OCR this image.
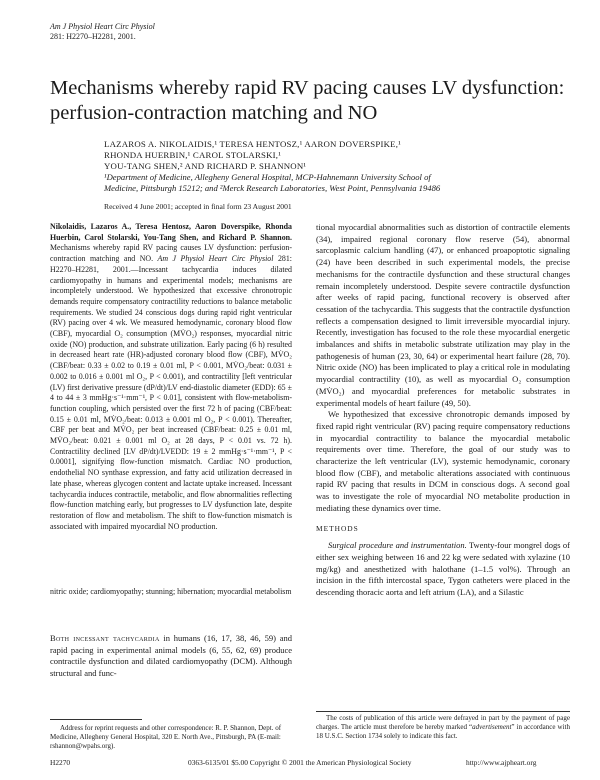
Am J Physiol Heart Circ Physiol
281: H2270–H2281, 2001.
Mechanisms whereby rapid RV pacing causes LV dysfunction: perfusion-contraction matching and NO
LAZAROS A. NIKOLAIDIS,¹ TERESA HENTOSZ,¹ AARON DOVERSPIKE,¹
RHONDA HUERBIN,¹ CAROL STOLARSKI,¹
YOU-TANG SHEN,² AND RICHARD P. SHANNON¹
¹Department of Medicine, Allegheny General Hospital, MCP-Hahnemann University School of
Medicine, Pittsburgh 15212; and ²Merck Research Laboratories, West Point, Pennsylvania 19486
Received 4 June 2001; accepted in final form 23 August 2001
Nikolaidis, Lazaros A., Teresa Hentosz, Aaron Doverspike, Rhonda Huerbin, Carol Stolarski, You-Tang Shen, and Richard P. Shannon. Mechanisms whereby rapid RV pacing causes LV dysfunction: perfusion-contraction matching and NO. Am J Physiol Heart Circ Physiol 281: H2270–H2281, 2001.—Incessant tachycardia induces dilated cardiomyopathy in humans and experimental models; mechanisms are incompletely understood. We hypothesized that excessive chronotropic demands require compensatory contractility reductions to balance metabolic requirements. We studied 24 conscious dogs during rapid right ventricular (RV) pacing over 4 wk. We measured hemodynamic, coronary blood flow (CBF), myocardial O₂ consumption (MV̇O₂) responses, myocardial nitric oxide (NO) production, and substrate utilization. Early pacing (6 h) resulted in decreased heart rate (HR)-adjusted coronary blood flow (CBF), MV̇O₂ (CBF/beat: 0.33 ± 0.02 to 0.19 ± 0.01 ml, P < 0.001, MV̇O₂/beat: 0.031 ± 0.002 to 0.016 ± 0.001 ml O₂, P < 0.001), and contractility [left ventricular (LV) first derivative pressure (dP/dt)/LV end-diastolic diameter (EDD): 65 ± 4 to 44 ± 3 mmHg·s⁻¹·mm⁻¹, P < 0.01], consistent with flow-metabolism-function coupling, which persisted over the first 72 h of pacing (CBF/beat: 0.15 ± 0.01 ml, MV̇O₂/beat: 0.013 ± 0.001 ml O₂, P < 0.001). Thereafter, CBF per beat and MV̇O₂ per beat increased (CBF/beat: 0.25 ± 0.01 ml, MV̇O₂/beat: 0.021 ± 0.001 ml O₂ at 28 days, P < 0.01 vs. 72 h). Contractility declined [LV dP/dt)/LVEDD: 19 ± 2 mmHg·s⁻¹·mm⁻¹, P < 0.0001], signifying flow-function mismatch. Cardiac NO production, endothelial NO synthase expression, and fatty acid utilization decreased in late phase, whereas glycogen content and lactate uptake increased. Incessant tachycardia induces contractile, metabolic, and flow abnormalities reflecting flow-function matching early, but progresses to LV dysfunction late, despite restoration of flow and metabolism. The shift to flow-function mismatch is associated with impaired myocardial NO production.
nitric oxide; cardiomyopathy; stunning; hibernation; myocardial metabolism
Both incessant tachycardia in humans (16, 17, 38, 46, 59) and rapid pacing in experimental animal models (6, 55, 62, 69) produce contractile dysfunction and dilated cardiomyopathy (DCM). Although structural and func-

tional myocardial abnormalities such as distortion of contractile elements (34), impaired regional coronary flow reserve (54), abnormal sarcoplasmic calcium handling (47), or enhanced proapoptotic signaling (24) have been described in such experimental models, the precise mechanisms for the contractile dysfunction and these structural changes remain incompletely understood. Despite severe contractile dysfunction after weeks of rapid pacing, functional recovery is observed after cessation of the tachycardia. This suggests that the contractile dysfunction reflects a compensation designed to limit irreversible myocardial injury. Recently, investigation has focused to the role these myocardial energetic imbalances and shifts in metabolic substrate utilization may play in the pathogenesis of human (23, 30, 64) or experimental heart failure (28, 70). Nitric oxide (NO) has been implicated to play a critical role in modulating myocardial contractility (10), as well as myocardial O₂ consumption (MV̇O₂) and myocardial preferences for metabolic substrates in experimental models of heart failure (49, 50).

We hypothesized that excessive chronotropic demands imposed by fixed rapid right ventricular (RV) pacing require compensatory reductions in myocardial contractility to balance the myocardial metabolic requirements over time. Therefore, the goal of our study was to characterize the left ventricular (LV), systemic hemodynamic, coronary blood flow (CBF), and metabolic alterations associated with continuous rapid RV pacing that results in DCM in conscious dogs. A second goal was to investigate the role of myocardial NO metabolite production in mediating these dynamics over time.

METHODS

Surgical procedure and instrumentation. Twenty-four mongrel dogs of either sex weighing between 16 and 22 kg were sedated with xylazine (10 mg/kg) and anesthetized with halothane (1–1.5 vol%). Through an incision in the fifth intercostal space, Tygon catheters were placed in the descending thoracic aorta and left atrium (LA), and a Silastic

Address for reprint requests and other correspondence: R. P. Shannon, Dept. of Medicine, Allegheny General Hospital, 320 E. North Ave., Pittsburgh, PA (E-mail: rshannon@wpahs.org).
The costs of publication of this article were defrayed in part by the payment of page charges. The article must therefore be hereby marked “advertisement” in accordance with 18 U.S.C. Section 1734 solely to indicate this fact.
H2270	0363-6135/01 $5.00 Copyright © 2001 the American Physiological Society	http://www.ajpheart.org
